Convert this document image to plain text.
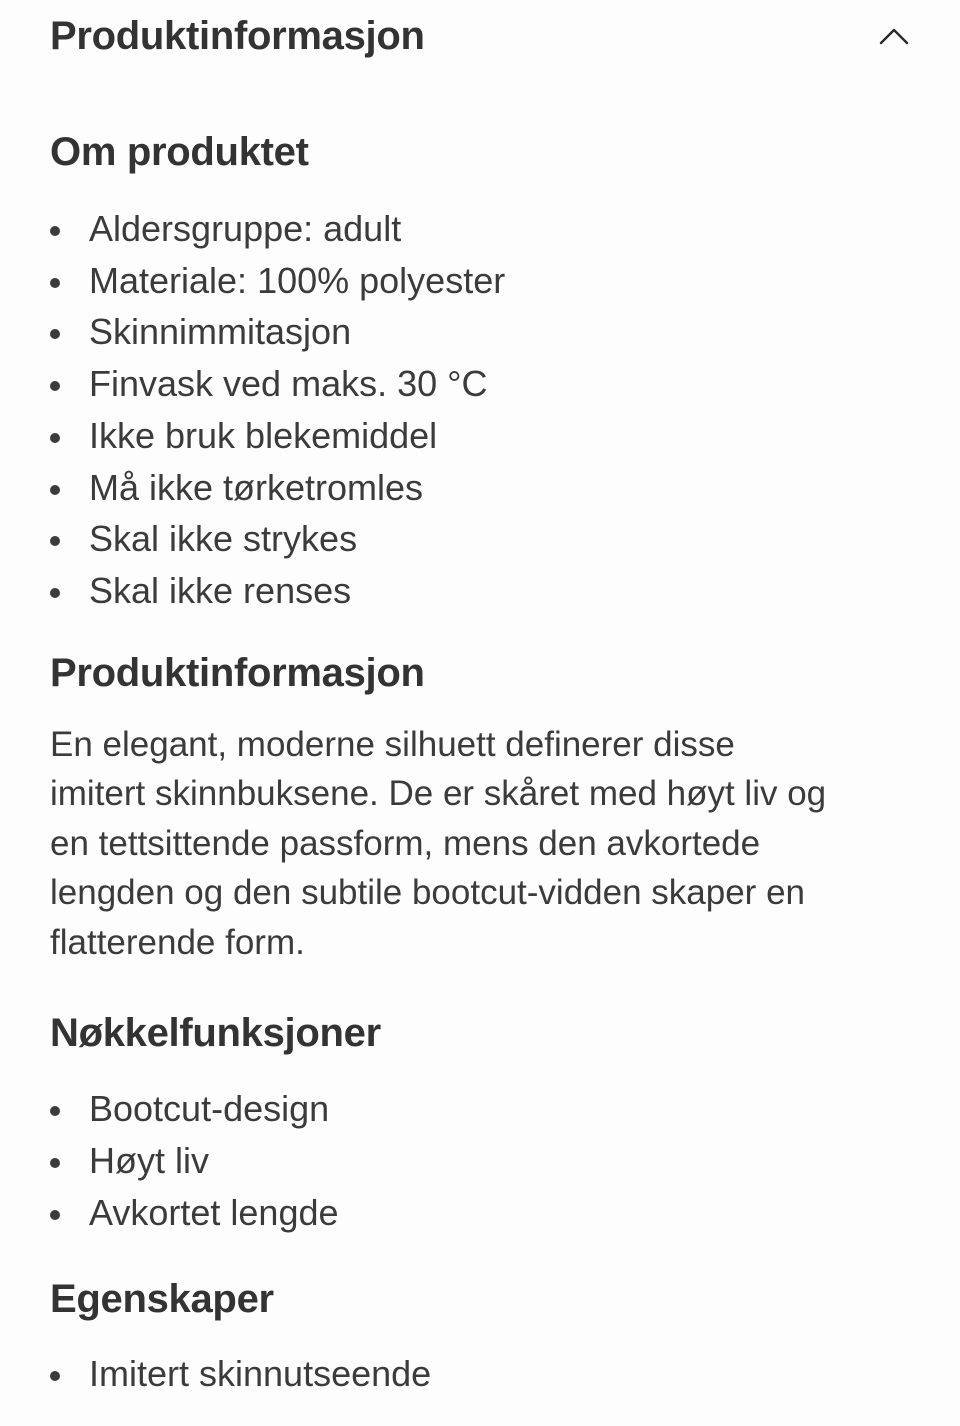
Produktinformasjon
Om produktet
Aldersgruppe: adult
Materiale: 100% polyester
Skinnimmitasjon
Finvask ved maks. 30 °C
Ikke bruk blekemiddel
Må ikke tørketromles
Skal ikke strykes
Skal ikke renses
Produktinformasjon

En elegant, moderne silhuett definerer disse
imitert skinnbuksene. De er skåret med høyt liv og
en tettsittende passform, mens den avkortede
lengden og den subtile bootcut-vidden skaper en
flatterende form.

Nøkkelfunksjoner
Bootcut-design
Høyt liv
Avkortet lengde
Egenskaper
Imitert skinnutseende
